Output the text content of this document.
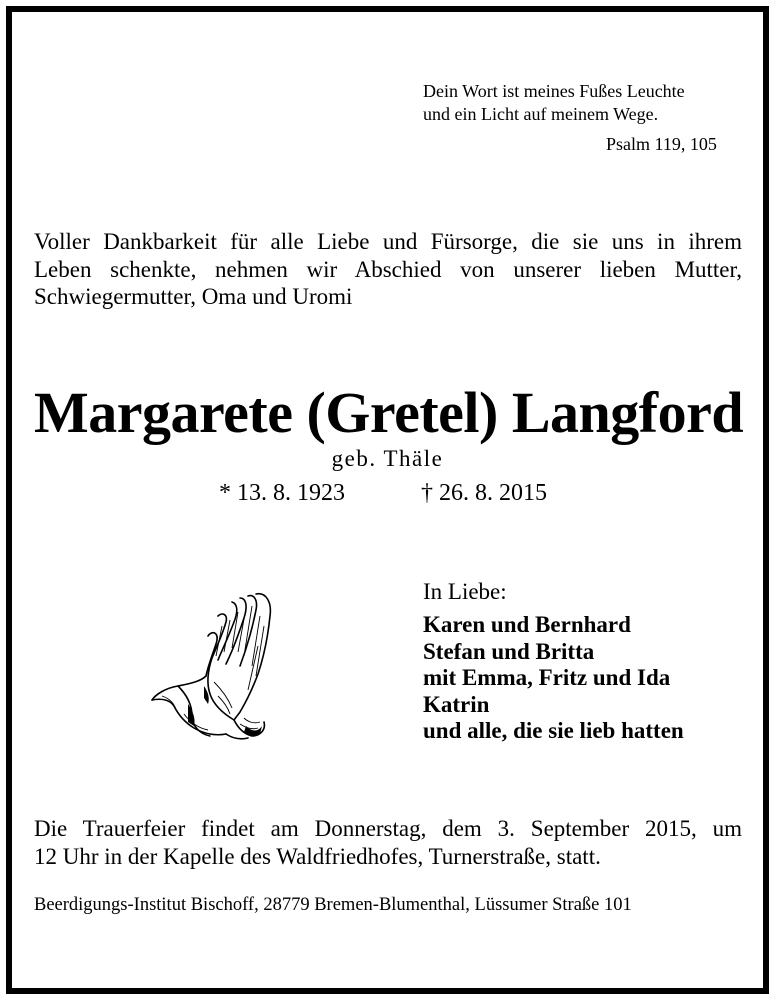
Dein Wort ist meines Fußes Leuchte
und ein Licht auf meinem Wege.
Psalm 119, 105
Voller Dankbarkeit für alle Liebe und Fürsorge, die sie uns in ihrem
Leben schenkte, nehmen wir Abschied von unserer lieben Mutter,
Schwiegermutter, Oma und Uromi
Margarete (Gretel) Langford
geb. Thäle
* 13. 8. 1923	† 26. 8. 2015
In Liebe:
Karen und Bernhard
Stefan und Britta
mit Emma, Fritz und Ida
Katrin
und alle, die sie lieb hatten
Die Trauerfeier findet am Donnerstag, dem 3. September 2015, um
12 Uhr in der Kapelle des Waldfriedhofes, Turnerstraße, statt.
Beerdigungs-Institut Bischoff, 28779 Bremen-Blumenthal, Lüssumer Straße 101
